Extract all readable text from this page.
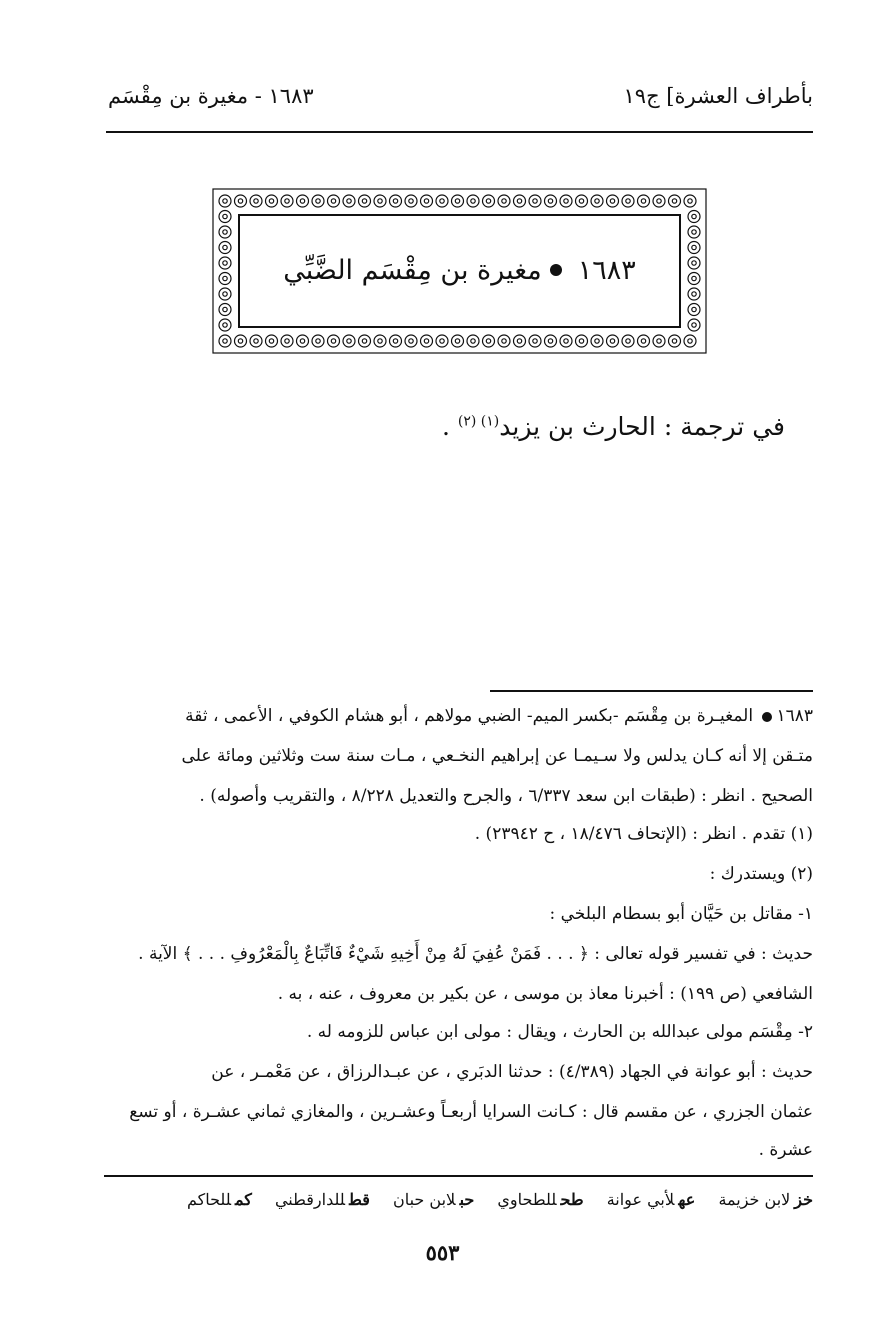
بأطراف العشرة] ج١٩
١٦٨٣ - مغيرة بن مِقْسَم
١٦٨٣
مغيرة بن مِقْسَم الضَّبِّي
في ترجمة : الحارث بن يزيد$^{(١) (٢)}$ .
١٦٨٣ المغيـرة بن مِقْسَم -بكسر الميم- الضبي مولاهم ، أبو هشام الكوفي ، الأعمى ، ثقة
متـقن إلا أنه كـان يدلس ولا سـيمـا عن إبراهيم النخـعي ، مـات سنة ست وثلاثين ومائة على
الصحيح . انظر : (طبقات ابن سعد ٦/٣٣٧ ، والجرح والتعديل ٨/٢٢٨ ، والتقريب وأصوله) .
(١) تقدم . انظر : (الإتحاف ١٨/٤٧٦ ، ح ٢٣٩٤٢) .
(٢) ويستدرك :
١- مقاتل بن حَيَّان أبو بسطام البلخي :
حديث : في تفسير قوله تعالى : ﴿ . . . فَمَنْ عُفِيَ لَهُ مِنْ أَخِيهِ شَيْءٌ فَاتِّبَاعٌ بِالْمَعْرُوفِ . . . ﴾ الآية .
الشافعي (ص ١٩٩) : أخبرنا معاذ بن موسى ، عن بكير بن معروف ، عنه ، به .
٢- مِقْسَم مولى عبدالله بن الحارث ، ويقال : مولى ابن عباس للزومه له .
حديث : أبو عوانة في الجهاد (٤/٣٨٩) : حدثنا الدبَري ، عن عبـدالرزاق ، عن مَعْمـر ، عن
عثمان الجزري ، عن مقسم قال : كـانت السرايا أربعـاً وعشـرين ، والمغازي ثماني عشـرة ، أو تسع
عشرة .
خزلابن خزيمة عهلأبي عوانة طحللطحاوي حبلابن حبان قطللدارقطني كمللحاكم
٥٥٣
